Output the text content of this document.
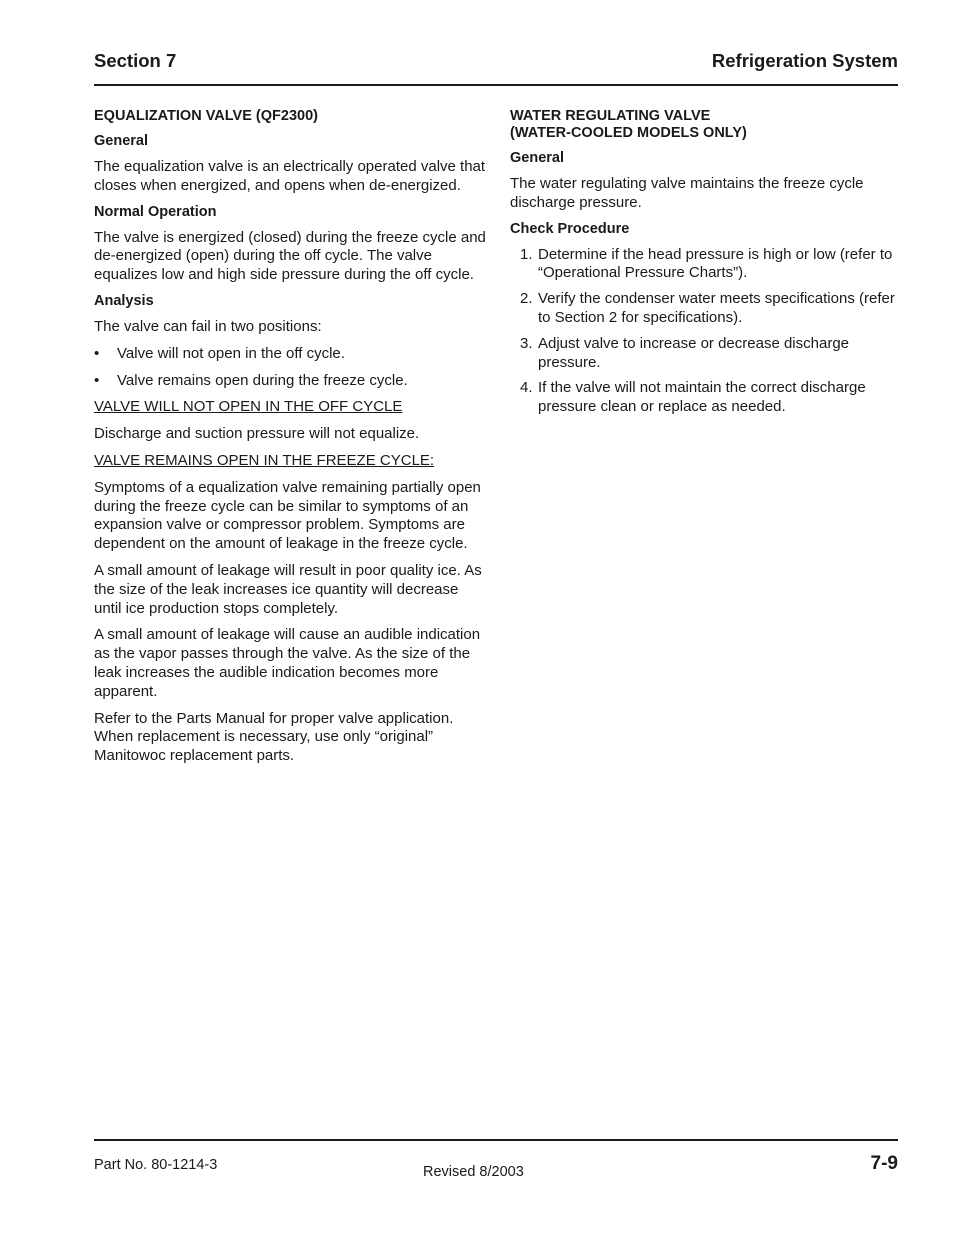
Section 7	Refrigeration System
EQUALIZATION VALVE (QF2300)
General

The equalization valve is an electrically operated valve that closes when energized, and opens when de-energized.

Normal Operation

The valve is energized (closed) during the freeze cycle and de-energized (open) during the off cycle. The valve equalizes low and high side pressure during the off cycle.

Analysis

The valve can fail in two positions:

• Valve will not open in the off cycle.
• Valve remains open during the freeze cycle.

VALVE WILL NOT OPEN IN THE OFF CYCLE

Discharge and suction pressure will not equalize.

VALVE REMAINS OPEN IN THE FREEZE CYCLE:

Symptoms of a equalization valve remaining partially open during the freeze cycle can be similar to symptoms of an expansion valve or compressor problem. Symptoms are dependent on the amount of leakage in the freeze cycle.

A small amount of leakage will result in poor quality ice. As the size of the leak increases ice quantity will decrease until ice production stops completely.

A small amount of leakage will cause an audible indication as the vapor passes through the valve. As the size of the leak increases the audible indication becomes more apparent.

Refer to the Parts Manual for proper valve application. When replacement is necessary, use only “original” Manitowoc replacement parts.

WATER REGULATING VALVE
(WATER-COOLED MODELS ONLY)
General

The water regulating valve maintains the freeze cycle discharge pressure.

Check Procedure
1. Determine if the head pressure is high or low (refer to “Operational Pressure Charts”).
2. Verify the condenser water meets specifications (refer to Section 2 for specifications).
3. Adjust valve to increase or decrease discharge pressure.
4. If the valve will not maintain the correct discharge pressure clean or replace as needed.
Part No. 80-1214-3	Revised 8/2003	7-9
